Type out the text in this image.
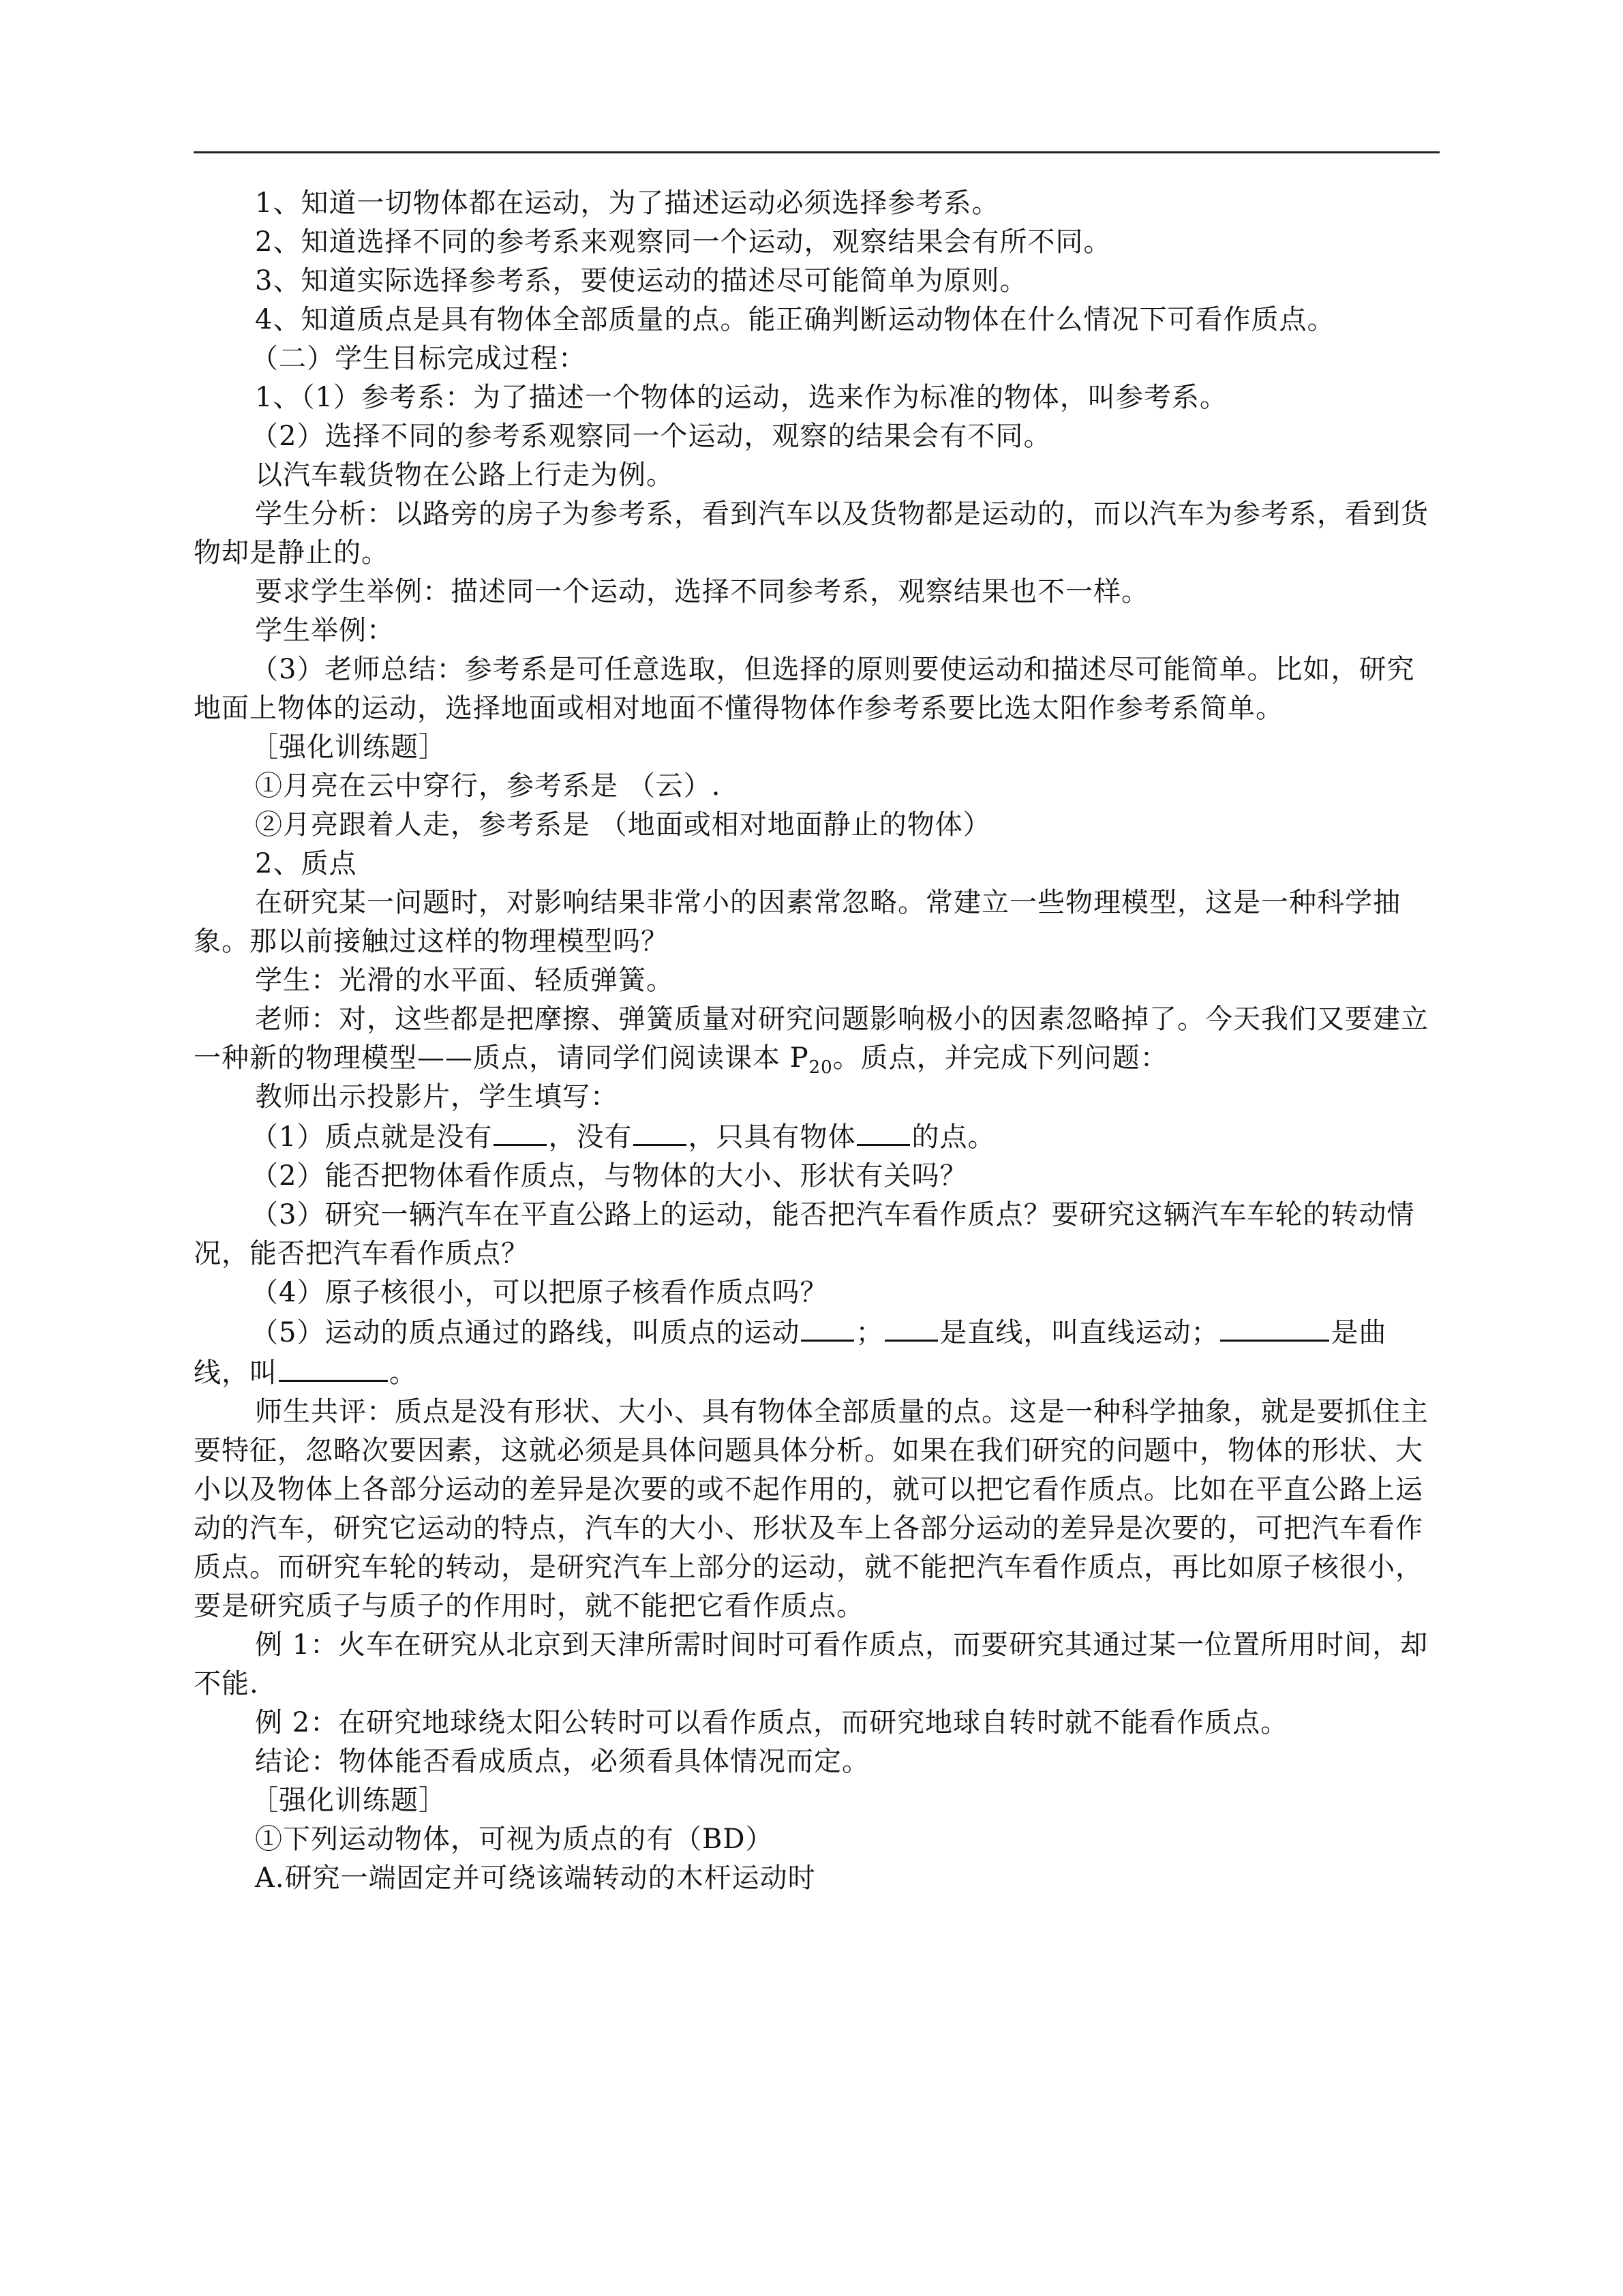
1、知道一切物体都在运动，为了描述运动必须选择参考系。

2、知道选择不同的参考系来观察同一个运动，观察结果会有所不同。

3、知道实际选择参考系，要使运动的描述尽可能简单为原则。

4、知道质点是具有物体全部质量的点。能正确判断运动物体在什么情况下可看作质点。

（二）学生目标完成过程：

1、（1）参考系：为了描述一个物体的运动，选来作为标准的物体，叫参考系。

（2）选择不同的参考系观察同一个运动，观察的结果会有不同。

以汽车载货物在公路上行走为例。

学生分析：以路旁的房子为参考系，看到汽车以及货物都是运动的，而以汽车为参考系，看到货物却是静止的。

要求学生举例：描述同一个运动，选择不同参考系，观察结果也不一样。

学生举例：

（3）老师总结：参考系是可任意选取，但选择的原则要使运动和描述尽可能简单。比如，研究地面上物体的运动，选择地面或相对地面不懂得物体作参考系要比选太阳作参考系简单。

［强化训练题］

①月亮在云中穿行，参考系是 （云）.

②月亮跟着人走，参考系是 （地面或相对地面静止的物体）

2、质点

在研究某一问题时，对影响结果非常小的因素常忽略。常建立一些物理模型，这是一种科学抽象。那以前接触过这样的物理模型吗？

学生：光滑的水平面、轻质弹簧。

老师：对，这些都是把摩擦、弹簧质量对研究问题影响极小的因素忽略掉了。今天我们又要建立一种新的物理模型——质点，请同学们阅读课本 $P_{20}$。质点，并完成下列问题：

教师出示投影片，学生填写：

（1）质点就是没有 ，没有 ，只具有物体 的点。

（2）能否把物体看作质点，与物体的大小、形状有关吗？

（3）研究一辆汽车在平直公路上的运动，能否把汽车看作质点？要研究这辆汽车车轮的转动情况，能否把汽车看作质点？

（4）原子核很小，可以把原子核看作质点吗？

（5）运动的质点通过的路线，叫质点的运动 ； 是直线，叫直线运动；	是曲线，叫	。

师生共评：质点是没有形状、大小、具有物体全部质量的点。这是一种科学抽象，就是要抓住主要特征，忽略次要因素，这就必须是具体问题具体分析。如果在我们研究的问题中，物体的形状、大小以及物体上各部分运动的差异是次要的或不起作用的，就可以把它看作质点。比如在平直公路上运动的汽车，研究它运动的特点，汽车的大小、形状及车上各部分运动的差异是次要的，可把汽车看作质点。而研究车轮的转动，是研究汽车上部分的运动，就不能把汽车看作质点，再比如原子核很小，要是研究质子与质子的作用时，就不能把它看作质点。

例 1：火车在研究从北京到天津所需时间时可看作质点，而要研究其通过某一位置所用时间，却不能.

例 2：在研究地球绕太阳公转时可以看作质点，而研究地球自转时就不能看作质点。

结论：物体能否看成质点，必须看具体情况而定。

［强化训练题］

①下列运动物体，可视为质点的有（BD）

A.研究一端固定并可绕该端转动的木杆运动时
